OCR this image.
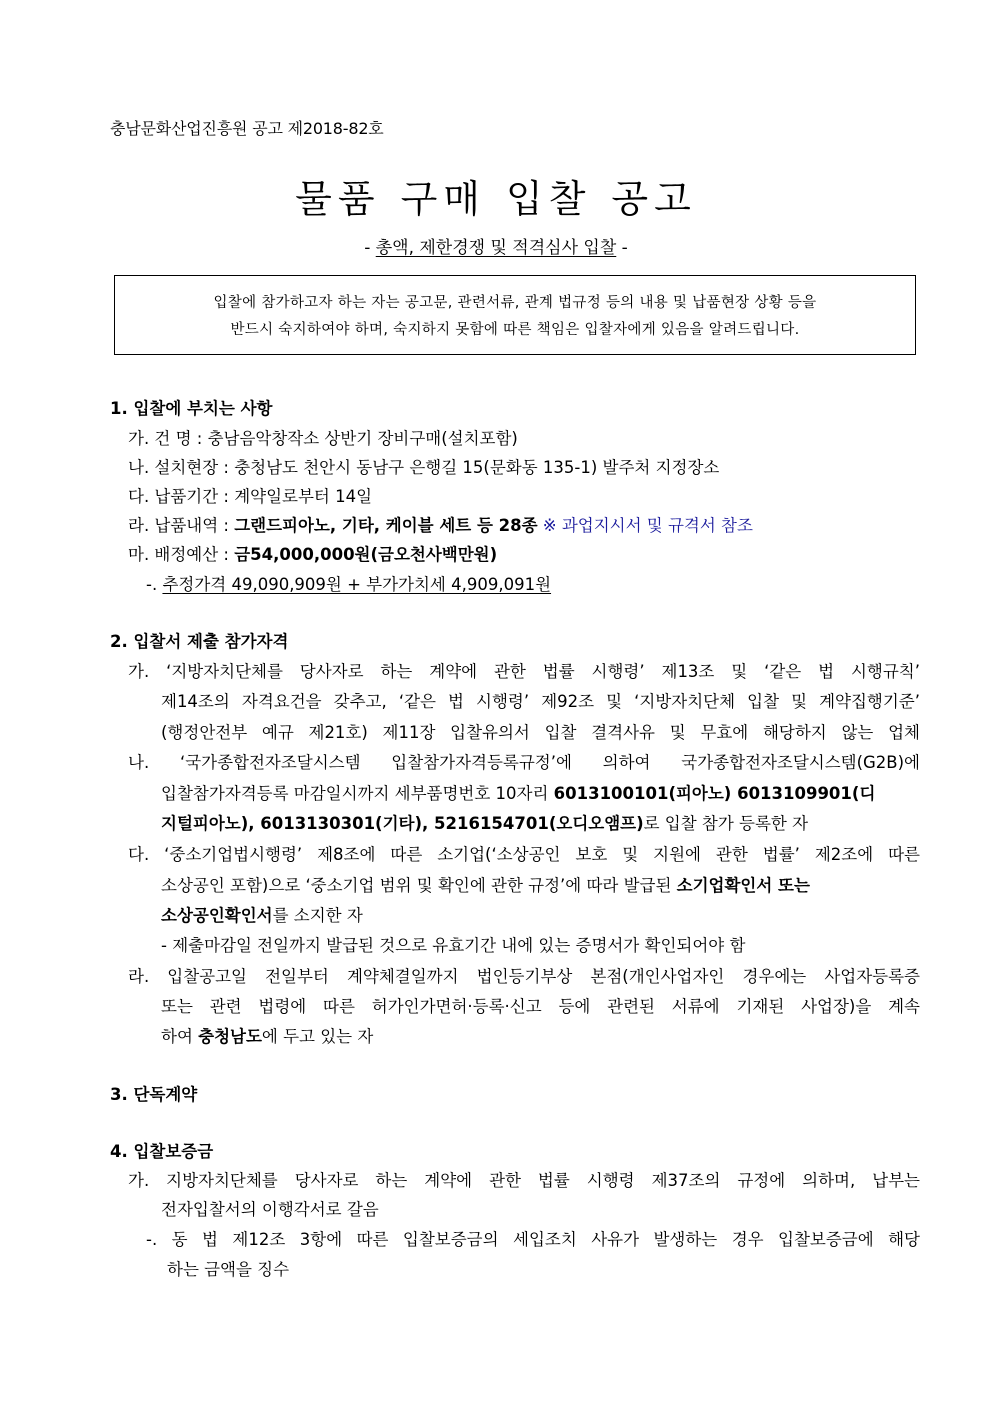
충남문화산업진흥원 공고 제2018-82호
물품 구매 입찰 공고
- 총액, 제한경쟁 및 적격심사 입찰 -
입찰에 참가하고자 하는 자는 공고문, 관련서류, 관계 법규정 등의 내용 및 납품현장 상황 등을
반드시 숙지하여야 하며, 숙지하지 못함에 따른 책임은 입찰자에게 있음을 알려드립니다.
1. 입찰에 부치는 사항
가. 건 명 : 충남음악창작소 상반기 장비구매(설치포함)
나. 설치현장 : 충청남도 천안시 동남구 은행길 15(문화동 135-1) 발주처 지정장소
다. 납품기간 : 계약일로부터 14일
라. 납품내역 : 그랜드피아노, 기타, 케이블 세트 등 28종 ※ 과업지시서 및 규격서 참조
마. 배정예산 : 금54,000,000원(금오천사백만원)
-. 추정가격 49,090,909원 + 부가가치세 4,909,091원
2. 입찰서 제출 참가자격
가. ‘지방자치단체를 당사자로 하는 계약에 관한 법률 시행령’ 제13조 및 ‘같은 법 시행규칙’
제14조의 자격요건을 갖추고, ‘같은 법 시행령’ 제92조 및 ‘지방자치단체 입찰 및 계약집행기준’
(행정안전부 예규 제21호) 제11장 입찰유의서 입찰 결격사유 및 무효에 해당하지 않는 업체
나. ‘국가종합전자조달시스템 입찰참가자격등록규정’에 의하여 국가종합전자조달시스템(G2B)에
입찰참가자격등록 마감일시까지 세부품명번호 10자리 6013100101(피아노) 6013109901(디
지털피아노), 6013130301(기타), 5216154701(오디오앰프)로 입찰 참가 등록한 자
다. ‘중소기업법시행령’ 제8조에 따른 소기업(‘소상공인 보호 및 지원에 관한 법률’ 제2조에 따른
소상공인 포함)으로 ‘중소기업 범위 및 확인에 관한 규정’에 따라 발급된 소기업확인서 또는
소상공인확인서를 소지한 자
- 제출마감일 전일까지 발급된 것으로 유효기간 내에 있는 증명서가 확인되어야 함
라. 입찰공고일 전일부터 계약체결일까지 법인등기부상 본점(개인사업자인 경우에는 사업자등록증
또는 관련 법령에 따른 허가인가면허·등록·신고 등에 관련된 서류에 기재된 사업장)을 계속
하여 충청남도에 두고 있는 자
3. 단독계약
4. 입찰보증금
가. 지방자치단체를 당사자로 하는 계약에 관한 법률 시행령 제37조의 규정에 의하며, 납부는
전자입찰서의 이행각서로 갈음
-. 동 법 제12조 3항에 따른 입찰보증금의 세입조치 사유가 발생하는 경우 입찰보증금에 해당
하는 금액을 징수
